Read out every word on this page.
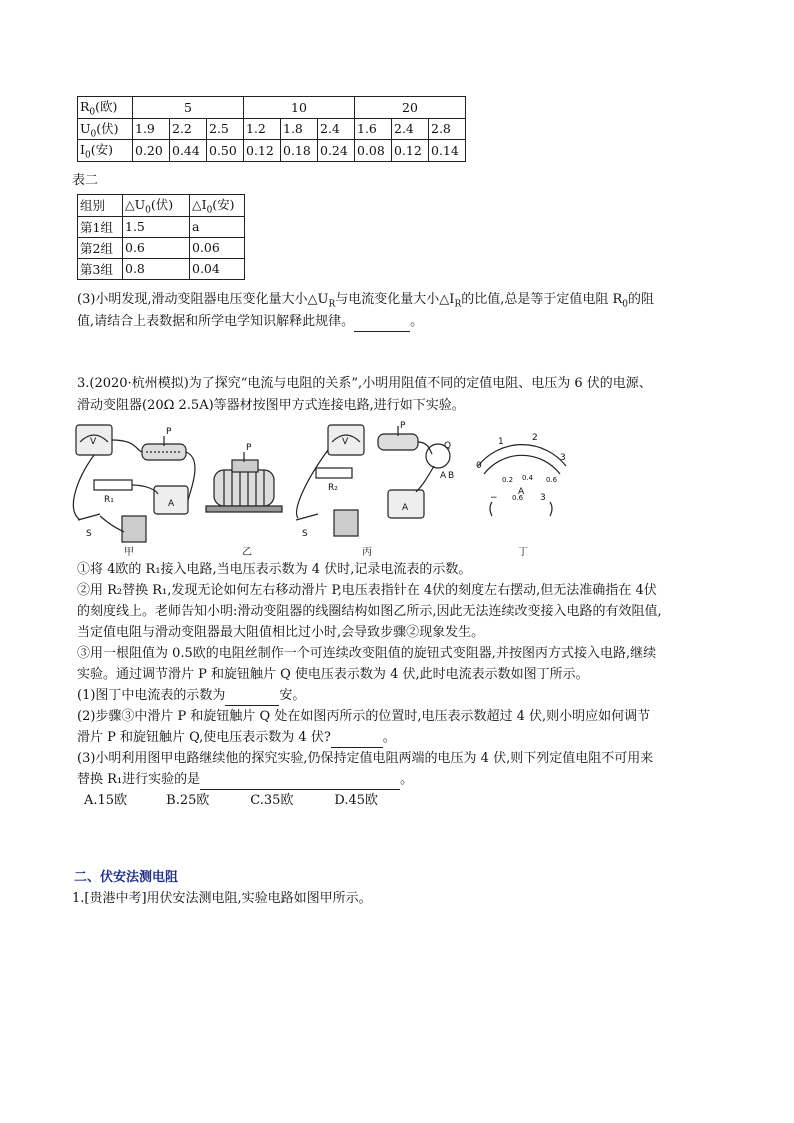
$R_0$(欧)	5			10			20		
$U_0$(伏)	1.9	2.2	2.5	1.2	1.8	2.4	1.6	2.4	2.8
$I_0$(安)	0.20	0.44	0.50	0.12	0.18	0.24	0.08	0.12	0.14
表二
组别	$\triangle U_0$(伏)	$\triangle I_0$(安)
第1组	1.5	a
第2组	0.6	0.06
第3组	0.8	0.04
(3)小明发现,滑动变阻器电压变化量大小$\triangle U_R$与电流变化量大小$\triangle I_R$的比值,总是等于定值电阻 $R_0$的阻
值,请结合上表数据和所学电学知识解释此规律。	。
3.(2020·杭州模拟)为了探究“电流与电阻的关系”,小明用阻值不同的定值电阻、电压为 6 伏的电源、
滑动变阻器(20Ω 2.5A)等器材按图甲方式连接电路,进行如下实验。
V
P
R₁	A
S
P
V
P
R₂
A
S
Q
A B
1	2
3
0
0.2 0.4 0.6
A
− 0.6 3
甲	乙	丙	丁
①将 4欧的 R₁接入电路,当电压表示数为 4 伏时,记录电流表的示数。
②用 R₂替换 R₁,发现无论如何左右移动滑片 P,电压表指针在 4伏的刻度左右摆动,但无法准确指在 4伏
的刻度线上。老师告知小明:滑动变阻器的线圈结构如图乙所示,因此无法连续改变接入电路的有效阻值,
当定值电阻与滑动变阻器最大阻值相比过小时,会导致步骤②现象发生。
③用一根阻值为 0.5欧的电阻丝制作一个可连续改变阻值的旋钮式变阻器,并按图丙方式接入电路,继续
实验。通过调节滑片 P 和旋钮触片 Q 使电压表示数为 4 伏,此时电流表示数如图丁所示。
(1)图丁中电流表的示数为	安。
(2)步骤③中滑片 P 和旋钮触片 Q 处在如图丙所示的位置时,电压表示数超过 4 伏,则小明应如何调节
滑片 P 和旋钮触片 Q,使电压表示数为 4 伏?	。
(3)小明利用图甲电路继续他的探究实验,仍保持定值电阻两端的电压为 4 伏,则下列定值电阻不可用来
替换 R₁进行实验的是	。
A.15欧	B.25欧	C.35欧	D.45欧
二、伏安法测电阻
1.[贵港中考]用伏安法测电阻,实验电路如图甲所示。
